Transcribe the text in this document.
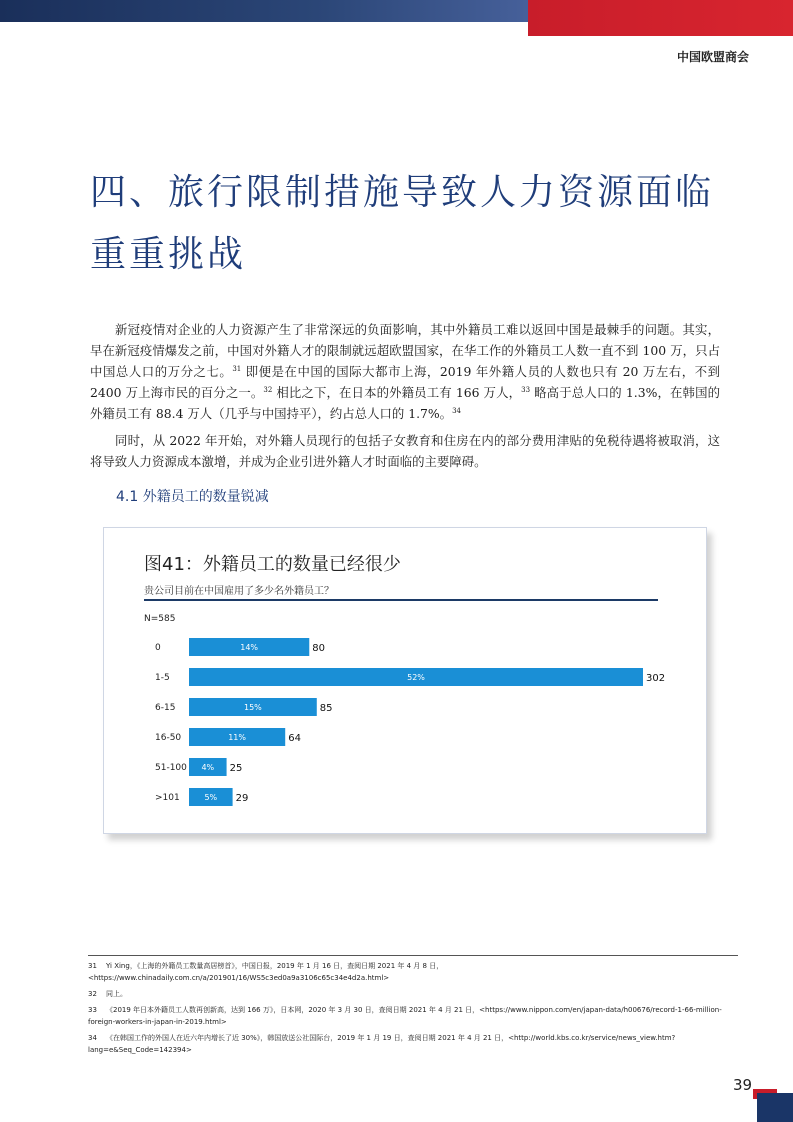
中国欧盟商会
四、旅行限制措施导致人力资源面临
重重挑战
新冠疫情对企业的人力资源产生了非常深远的负面影响，其中外籍员工难以返回中国是最棘手的问题。其实，早在新冠疫情爆发之前，中国对外籍人才的限制就远超欧盟国家，在华工作的外籍员工人数一直不到 100 万，只占中国总人口的万分之七。$^{31}$ 即便是在中国的国际大都市上海，2019 年外籍人员的人数也只有 20 万左右，不到 2400 万上海市民的百分之一。$^{32}$ 相比之下，在日本的外籍员工有 166 万人，$^{33}$ 略高于总人口的 1.3%，在韩国的外籍员工有 88.4 万人（几乎与中国持平），约占总人口的 1.7%。$^{34}$
同时，从 2022 年开始，对外籍人员现行的包括子女教育和住房在内的部分费用津贴的免税待遇将被取消，这将导致人力资源成本激增，并成为企业引进外籍人才时面临的主要障碍。
4.1 外籍员工的数量锐减
图41：外籍员工的数量已经很少
贵公司目前在中国雇用了多少名外籍员工？
N=585
0	14%	80
1-5	52%	302
6-15	15%	85
16-50	11%	64
51-100 4% 25
>101	5% 29
31 Yi Xing，《上海的外籍员工数量高居榜首》，中国日报，2019 年 1 月 16 日，查阅日期 2021 年 4 月 8 日，<https://www.chinadaily.com.cn/a/201901/16/WS5c3ed0a9a3106c65c34e4d2a.html>
32 同上。
33 《2019 年日本外籍员工人数再创新高，达到 166 万》，日本网，2020 年 3 月 30 日，查阅日期 2021 年 4 月 21 日，<https://www.nippon.com/en/japan-data/h00676/record-1-66-million-foreign-workers-in-japan-in-2019.html>
34 《在韩国工作的外国人在近六年内增长了近 30%》，韩国放送公社国际台，2019 年 1 月 19 日，查阅日期 2021 年 4 月 21 日，<http://world.kbs.co.kr/service/news_view.htm?lang=e&Seq_Code=142394>
39
